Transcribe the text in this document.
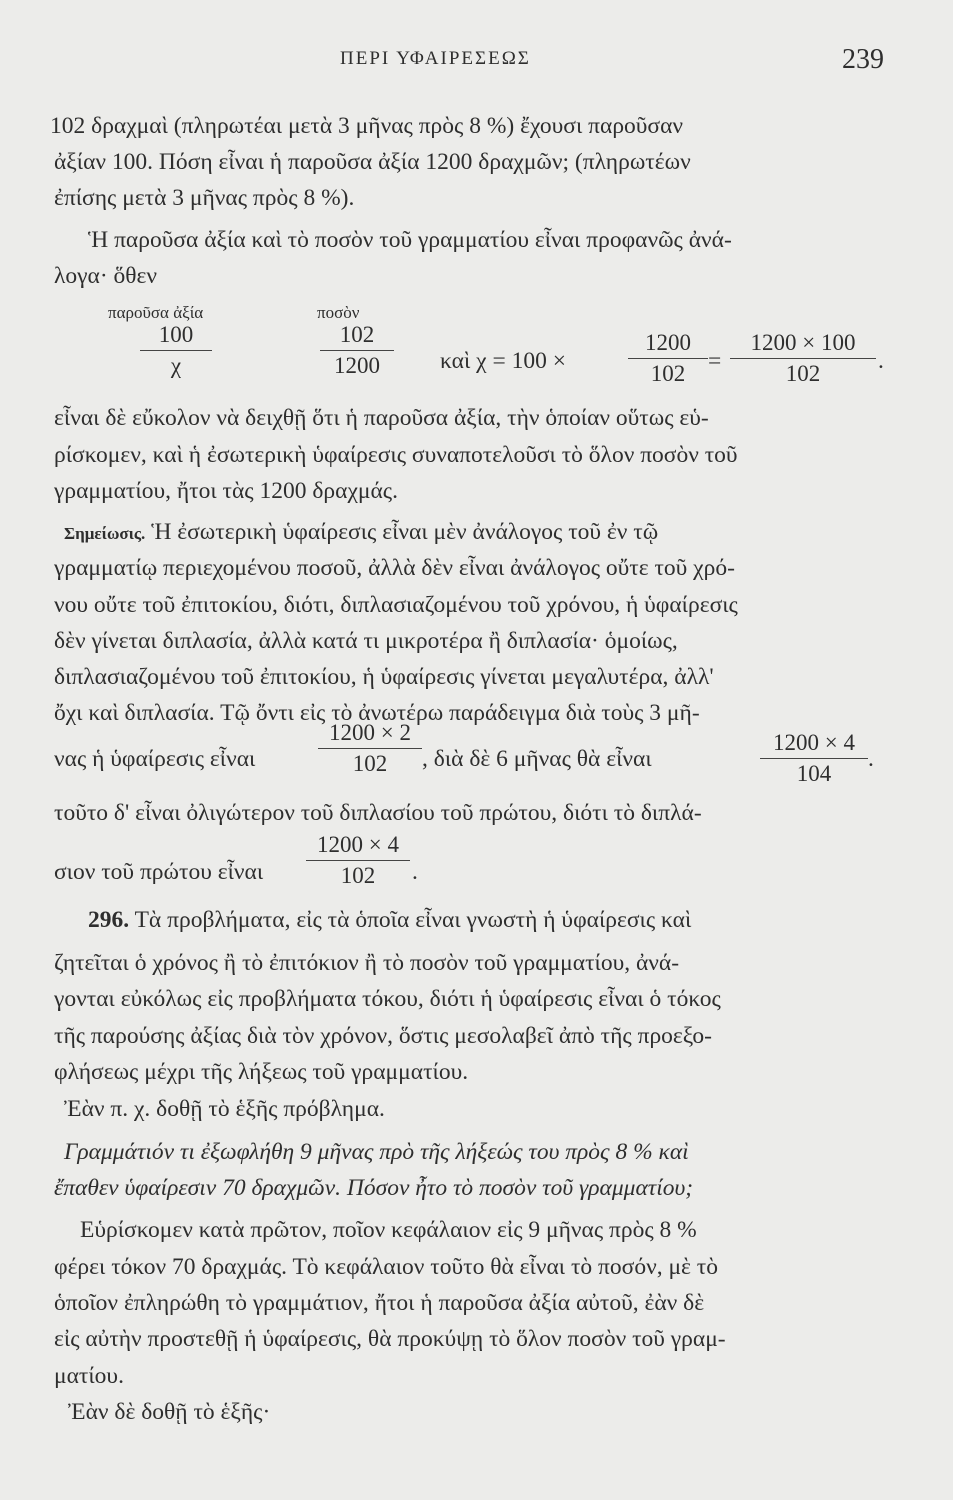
ΠΕΡΙ ΥΦΑΙΡΕΣΕΩΣ	239
102 δραχμαὶ (πληρωτέαι μετὰ 3 μῆνας πρὸς 8 %) ἔχουσι παροῦσαν
ἀξίαν 100. Πόση εἶναι ἡ παροῦσα ἀξία 1200 δραχμῶν; (πληρωτέων
ἐπίσης μετὰ 3 μῆνας πρὸς 8 %).
Ἡ παροῦσα ἀξία καὶ τὸ ποσὸν τοῦ γραμματίου εἶναι προφανῶς ἀνά-
λογα· ὅθεν
παροῦσα ἀξία	ποσὸν
100
χ
102
1200	καὶ χ = 100 ×
1200
102 =
1200 × 100
102	.
εἶναι δὲ εὔκολον νὰ δειχθῇ ὅτι ἡ παροῦσα ἀξία, τὴν ὁποίαν οὕτως εὑ-
ρίσκομεν, καὶ ἡ ἐσωτερικὴ ὑφαίρεσις συναποτελοῦσι τὸ ὅλον ποσὸν τοῦ
γραμματίου, ἤτοι τὰς 1200 δραχμάς.
Σημείωσις. Ἡ ἐσωτερικὴ ὑφαίρεσις εἶναι μὲν ἀνάλογος τοῦ ἐν τῷ
γραμματίῳ περιεχομένου ποσοῦ, ἀλλὰ δὲν εἶναι ἀνάλογος οὔτε τοῦ χρό-
νου οὔτε τοῦ ἐπιτοκίου, διότι, διπλασιαζομένου τοῦ χρόνου, ἡ ὑφαίρεσις
δὲν γίνεται διπλασία, ἀλλὰ κατά τι μικροτέρα ἢ διπλασία· ὁμοίως,
διπλασιαζομένου τοῦ ἐπιτοκίου, ἡ ὑφαίρεσις γίνεται μεγαλυτέρα, ἀλλ'
ὄχι καὶ διπλασία. Τῷ ὄντι εἰς τὸ ἀνωτέρω παράδειγμα διὰ τοὺς 3 μῆ-
νας ἡ ὑφαίρεσις εἶναι
1200 × 2
102	, διὰ δὲ 6 μῆνας θὰ εἶναι
1200 × 4
104
.
τοῦτο δ' εἶναι ὀλιγώτερον τοῦ διπλασίου τοῦ πρώτου, διότι τὸ διπλά-
σιον τοῦ πρώτου εἶναι
1200 × 4
102	.
296. Τὰ προβλήματα, εἰς τὰ ὁποῖα εἶναι γνωστὴ ἡ ὑφαίρεσις καὶ
ζητεῖται ὁ χρόνος ἢ τὸ ἐπιτόκιον ἢ τὸ ποσὸν τοῦ γραμματίου, ἀνά-
γονται εὐκόλως εἰς προβλήματα τόκου, διότι ἡ ὑφαίρεσις εἶναι ὁ τόκος
τῆς παρούσης ἀξίας διὰ τὸν χρόνον, ὅστις μεσολαβεῖ ἀπὸ τῆς προεξο-
φλήσεως μέχρι τῆς λήξεως τοῦ γραμματίου.
Ἐὰν π. χ. δοθῇ τὸ ἑξῆς πρόβλημα.
Γραμμάτιόν τι ἐξωφλήθη 9 μῆνας πρὸ τῆς λήξεώς του πρὸς 8 % καὶ
ἔπαθεν ὑφαίρεσιν 70 δραχμῶν. Πόσον ἦτο τὸ ποσὸν τοῦ γραμματίου;
Εὑρίσκομεν κατὰ πρῶτον, ποῖον κεφάλαιον εἰς 9 μῆνας πρὸς 8 %
φέρει τόκον 70 δραχμάς. Τὸ κεφάλαιον τοῦτο θὰ εἶναι τὸ ποσόν, μὲ τὸ
ὁποῖον ἐπληρώθη τὸ γραμμάτιον, ἤτοι ἡ παροῦσα ἀξία αὐτοῦ, ἐὰν δὲ
εἰς αὐτὴν προστεθῇ ἡ ὑφαίρεσις, θὰ προκύψῃ τὸ ὅλον ποσὸν τοῦ γραμ-
ματίου.
Ἐὰν δὲ δοθῇ τὸ ἑξῆς·
